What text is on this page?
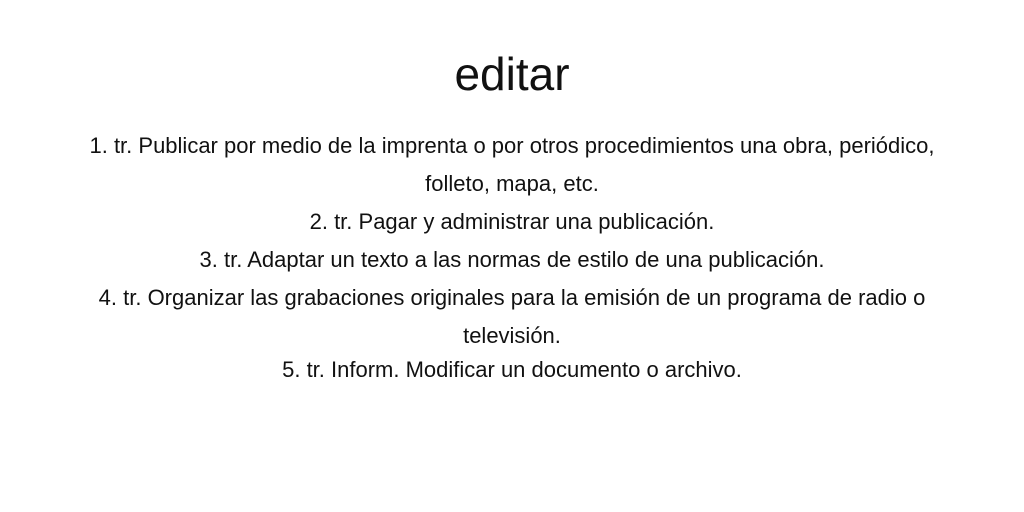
editar
1. tr. Publicar por medio de la imprenta o por otros procedimientos una obra, periódico, folleto, mapa, etc.
2. tr. Pagar y administrar una publicación.
3. tr. Adaptar un texto a las normas de estilo de una publicación.
4. tr. Organizar las grabaciones originales para la emisión de un programa de radio o televisión.
5. tr. Inform. Modificar un documento o archivo.
